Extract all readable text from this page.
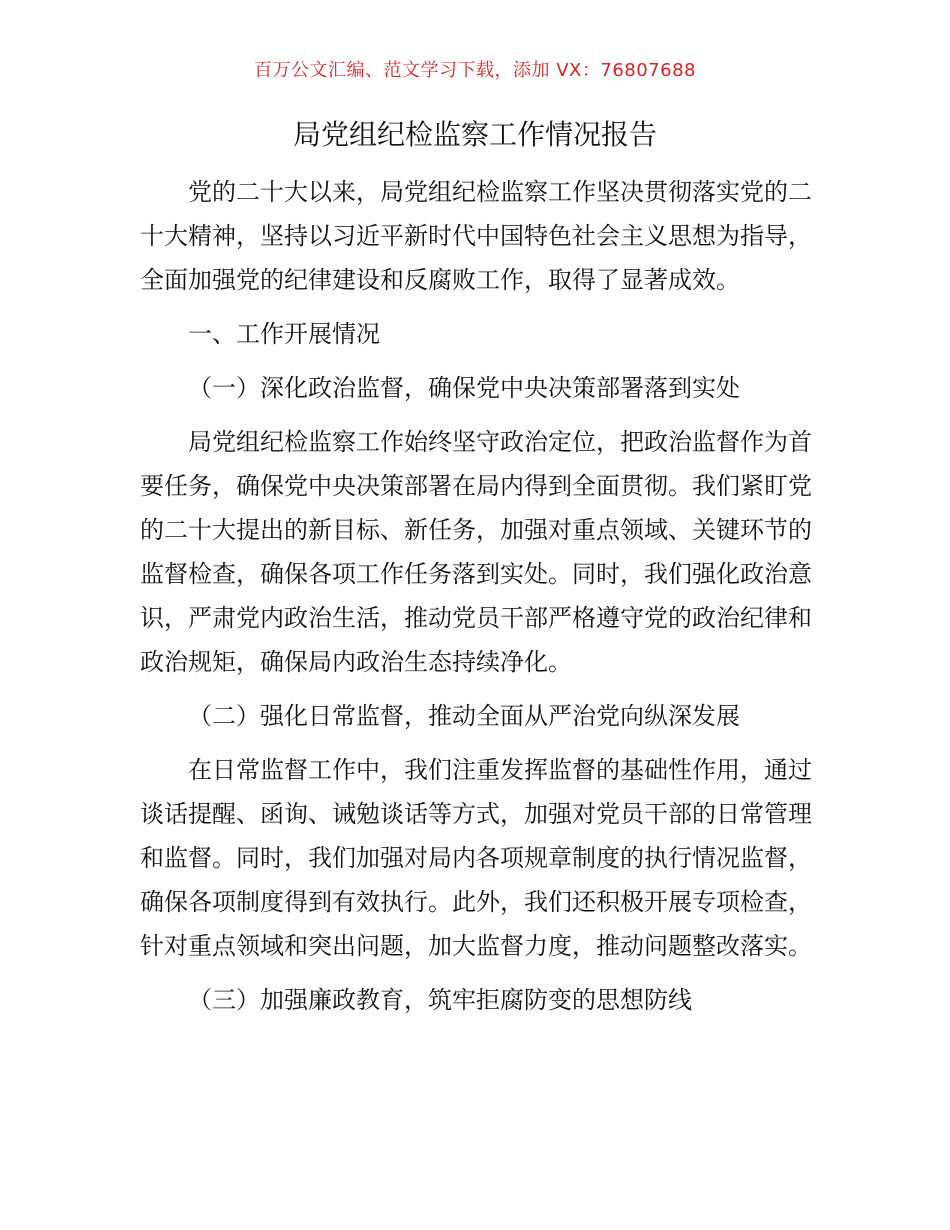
百万公文汇编、范文学习下载，添加 VX：76807688
局党组纪检监察工作情况报告

党的二十大以来，局党组纪检监察工作坚决贯彻落实党的二十大精神，坚持以习近平新时代中国特色社会主义思想为指导，全面加强党的纪律建设和反腐败工作，取得了显著成效。

一、工作开展情况

（一）深化政治监督，确保党中央决策部署落到实处

局党组纪检监察工作始终坚守政治定位，把政治监督作为首要任务，确保党中央决策部署在局内得到全面贯彻。我们紧盯党的二十大提出的新目标、新任务，加强对重点领域、关键环节的监督检查，确保各项工作任务落到实处。同时，我们强化政治意识，严肃党内政治生活，推动党员干部严格遵守党的政治纪律和政治规矩，确保局内政治生态持续净化。

（二）强化日常监督，推动全面从严治党向纵深发展

在日常监督工作中，我们注重发挥监督的基础性作用，通过谈话提醒、函询、诫勉谈话等方式，加强对党员干部的日常管理和监督。同时，我们加强对局内各项规章制度的执行情况监督，确保各项制度得到有效执行。此外，我们还积极开展专项检查，针对重点领域和突出问题，加大监督力度，推动问题整改落实。

（三）加强廉政教育，筑牢拒腐防变的思想防线
